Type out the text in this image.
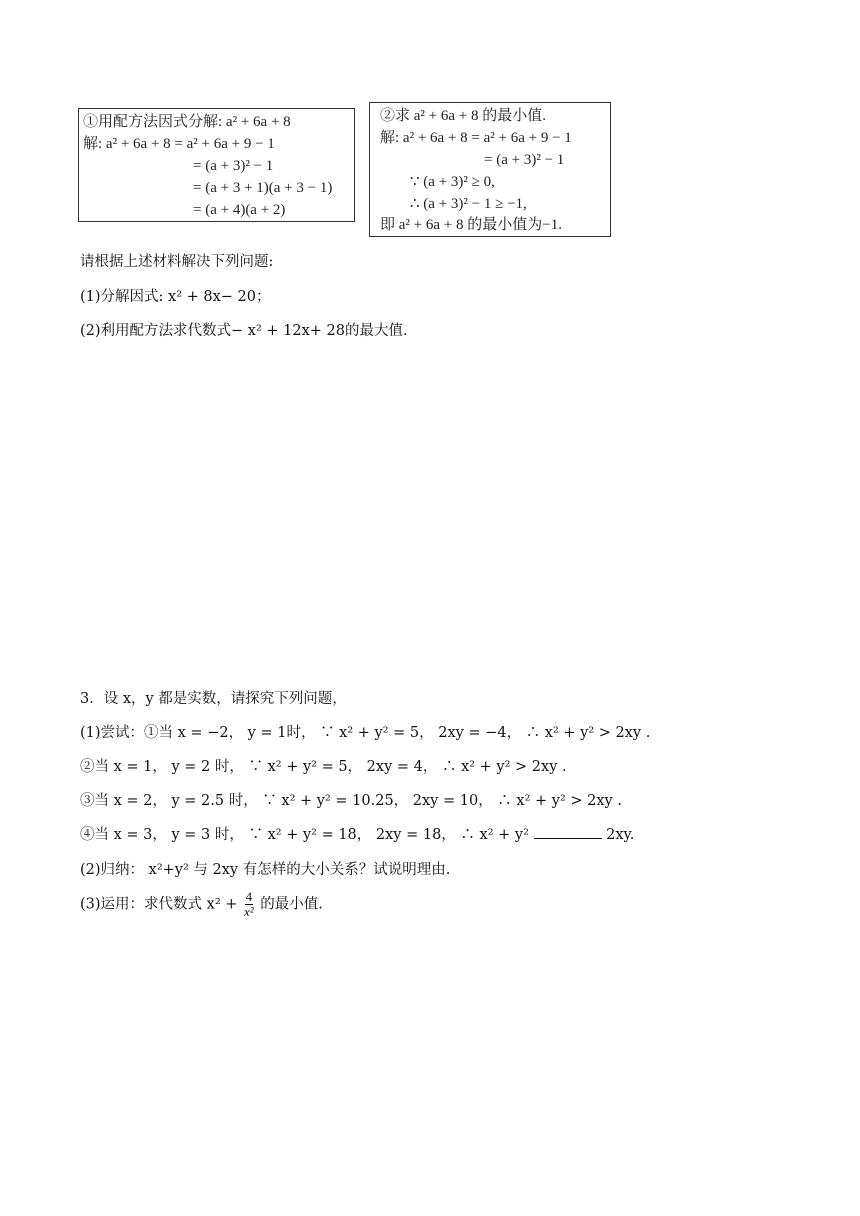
①用配方法因式分解: a² + 6a + 8
解: a² + 6a + 8 = a² + 6a + 9 − 1
= (a + 3)² − 1
= (a + 3 + 1)(a + 3 − 1)
= (a + 4)(a + 2)
②求 a² + 6a + 8 的最小值.
解: a² + 6a + 8 = a² + 6a + 9 − 1
= (a + 3)² − 1
∵ (a + 3)² ≥ 0,
∴ (a + 3)² − 1 ≥ −1,
即 a² + 6a + 8 的最小值为−1.
请根据上述材料解决下列问题:
(1)分解因式: x² + 8x− 20；
(2)利用配方法求代数式− x² + 12x+ 28的最大值.
3．设 x，y 都是实数，请探究下列问题，
(1)尝试：①当 x = −2， y = 1时， ∵ x² + y² = 5， 2xy = −4， ∴ x² + y² > 2xy .
②当 x = 1， y = 2 时， ∵ x² + y² = 5， 2xy = 4， ∴ x² + y² > 2xy .
③当 x = 2， y = 2.5 时， ∵ x² + y² = 10.25， 2xy = 10， ∴ x² + y² > 2xy .
④当 x = 3， y = 3 时， ∵ x² + y² = 18， 2xy = 18， ∴ x² + y²	2xy.
(2)归纳： x²+y² 与 2xy 有怎样的大小关系？试说明理由.
(3)运用：求代数式 $x^2 + \frac{4}{\text{x²}}$ 的最小值.
